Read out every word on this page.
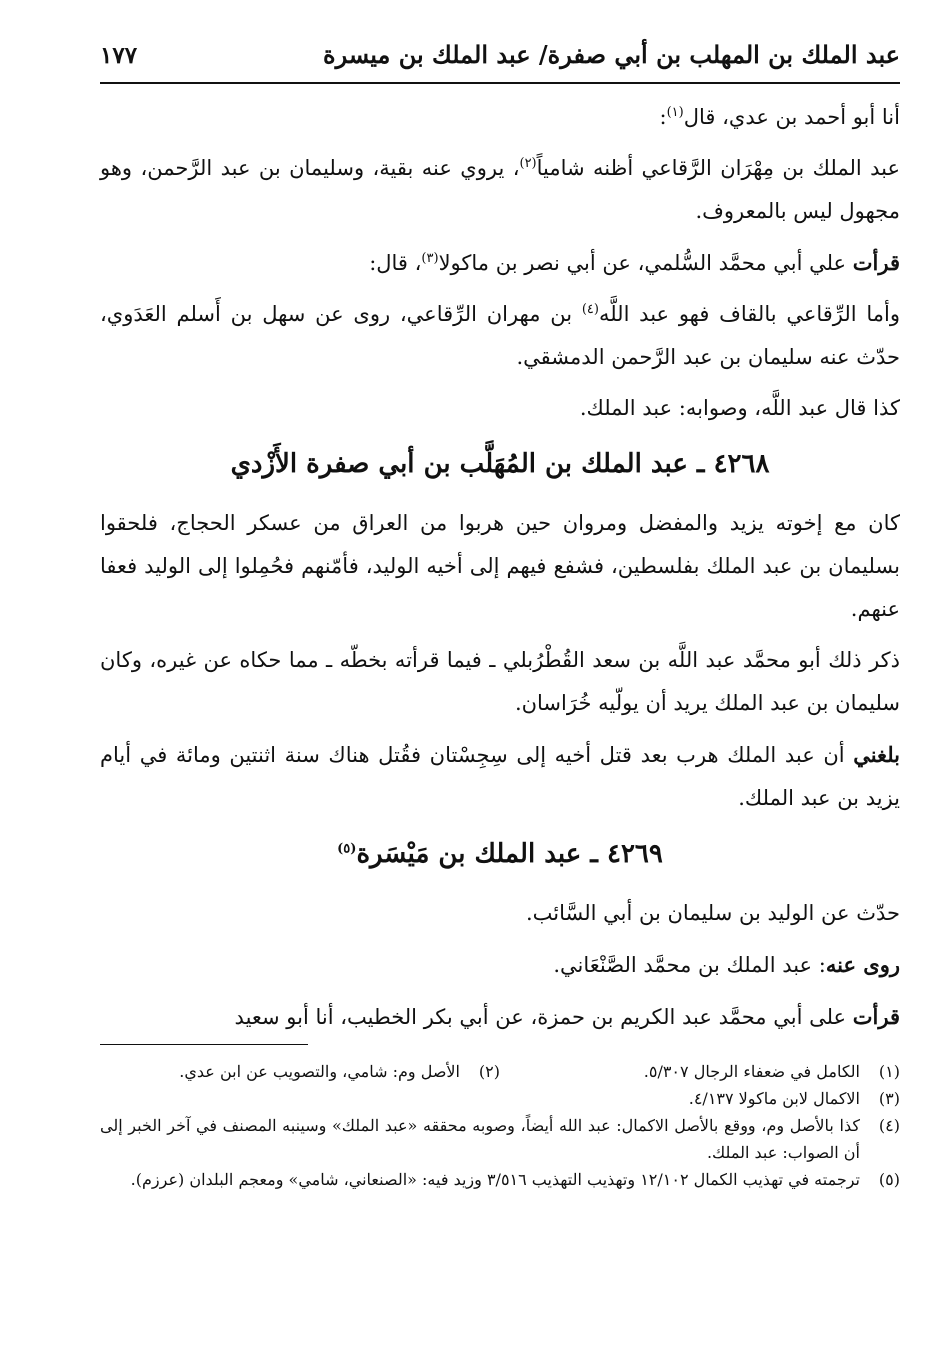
١٧٧	عبد الملك بن المهلب بن أبي صفرة/ عبد الملك بن ميسرة

أنا أبو أحمد بن عدي، قال$^{(١)}$:

عبد الملك بن مِهْرَان الرَّقاعي أظنه شامياً$^{(٢)}$، يروي عنه بقية، وسليمان بن عبد الرَّحمن، وهو مجهول ليس بالمعروف.

قرأت علي أبي محمَّد السُّلمي، عن أبي نصر بن ماكولا$^{(٣)}$، قال:

وأما الرِّقاعي بالقاف فهو عبد اللَّه$^{(٤)}$ بن مهران الرِّقاعي، روى عن سهل بن أَسلم العَدَوي، حدّث عنه سليمان بن عبد الرَّحمن الدمشقي.

كذا قال عبد اللَّه، وصوابه: عبد الملك.

٤٢٦٨ ـ عبد الملك بن المُهَلَّب بن أبي صفرة الأَزْدي

كان مع إخوته يزيد والمفضل ومروان حين هربوا من العراق من عسكر الحجاج، فلحقوا بسليمان بن عبد الملك بفلسطين، فشفع فيهم إلى أخيه الوليد، فأمّنهم فحُمِلوا إلى الوليد فعفا عنهم.

ذكر ذلك أبو محمَّد عبد اللَّه بن سعد القُطْرُبلي ـ فيما قرأته بخطّه ـ مما حكاه عن غيره، وكان سليمان بن عبد الملك يريد أن يولّيه خُرَاسان.

بلغني أن عبد الملك هرب بعد قتل أخيه إلى سِجِسْتان فقُتل هناك سنة اثنتين ومائة في أيام يزيد بن عبد الملك.

٤٢٦٩ ـ عبد الملك بن مَيْسَرة$^{(٥)}$

حدّث عن الوليد بن سليمان بن أبي السَّائب.

روى عنه: عبد الملك بن محمَّد الصَّنْعَاني.

قرأت على أبي محمَّد عبد الكريم بن حمزة، عن أبي بكر الخطيب، أنا أبو سعيد

(١)
الكامل في ضعفاء الرجال ٥/٣٠٧.
(٢)
الأصل وم: شامي، والتصويب عن ابن عدي.
(٣)
الاكمال لابن ماكولا ٤/١٣٧.
(٤)
كذا بالأصل وم، ووقع بالأصل الاكمال: عبد الله أيضاً، وصوبه محققه «عبد الملك» وسينبه المصنف في آخر الخبر إلى أن الصواب: عبد الملك.
(٥)
ترجمته في تهذيب الكمال ١٢/١٠٢ وتهذيب التهذيب ٣/٥١٦ وزيد فيه: «الصنعاني، شامي» ومعجم البلدان (عرزم).
